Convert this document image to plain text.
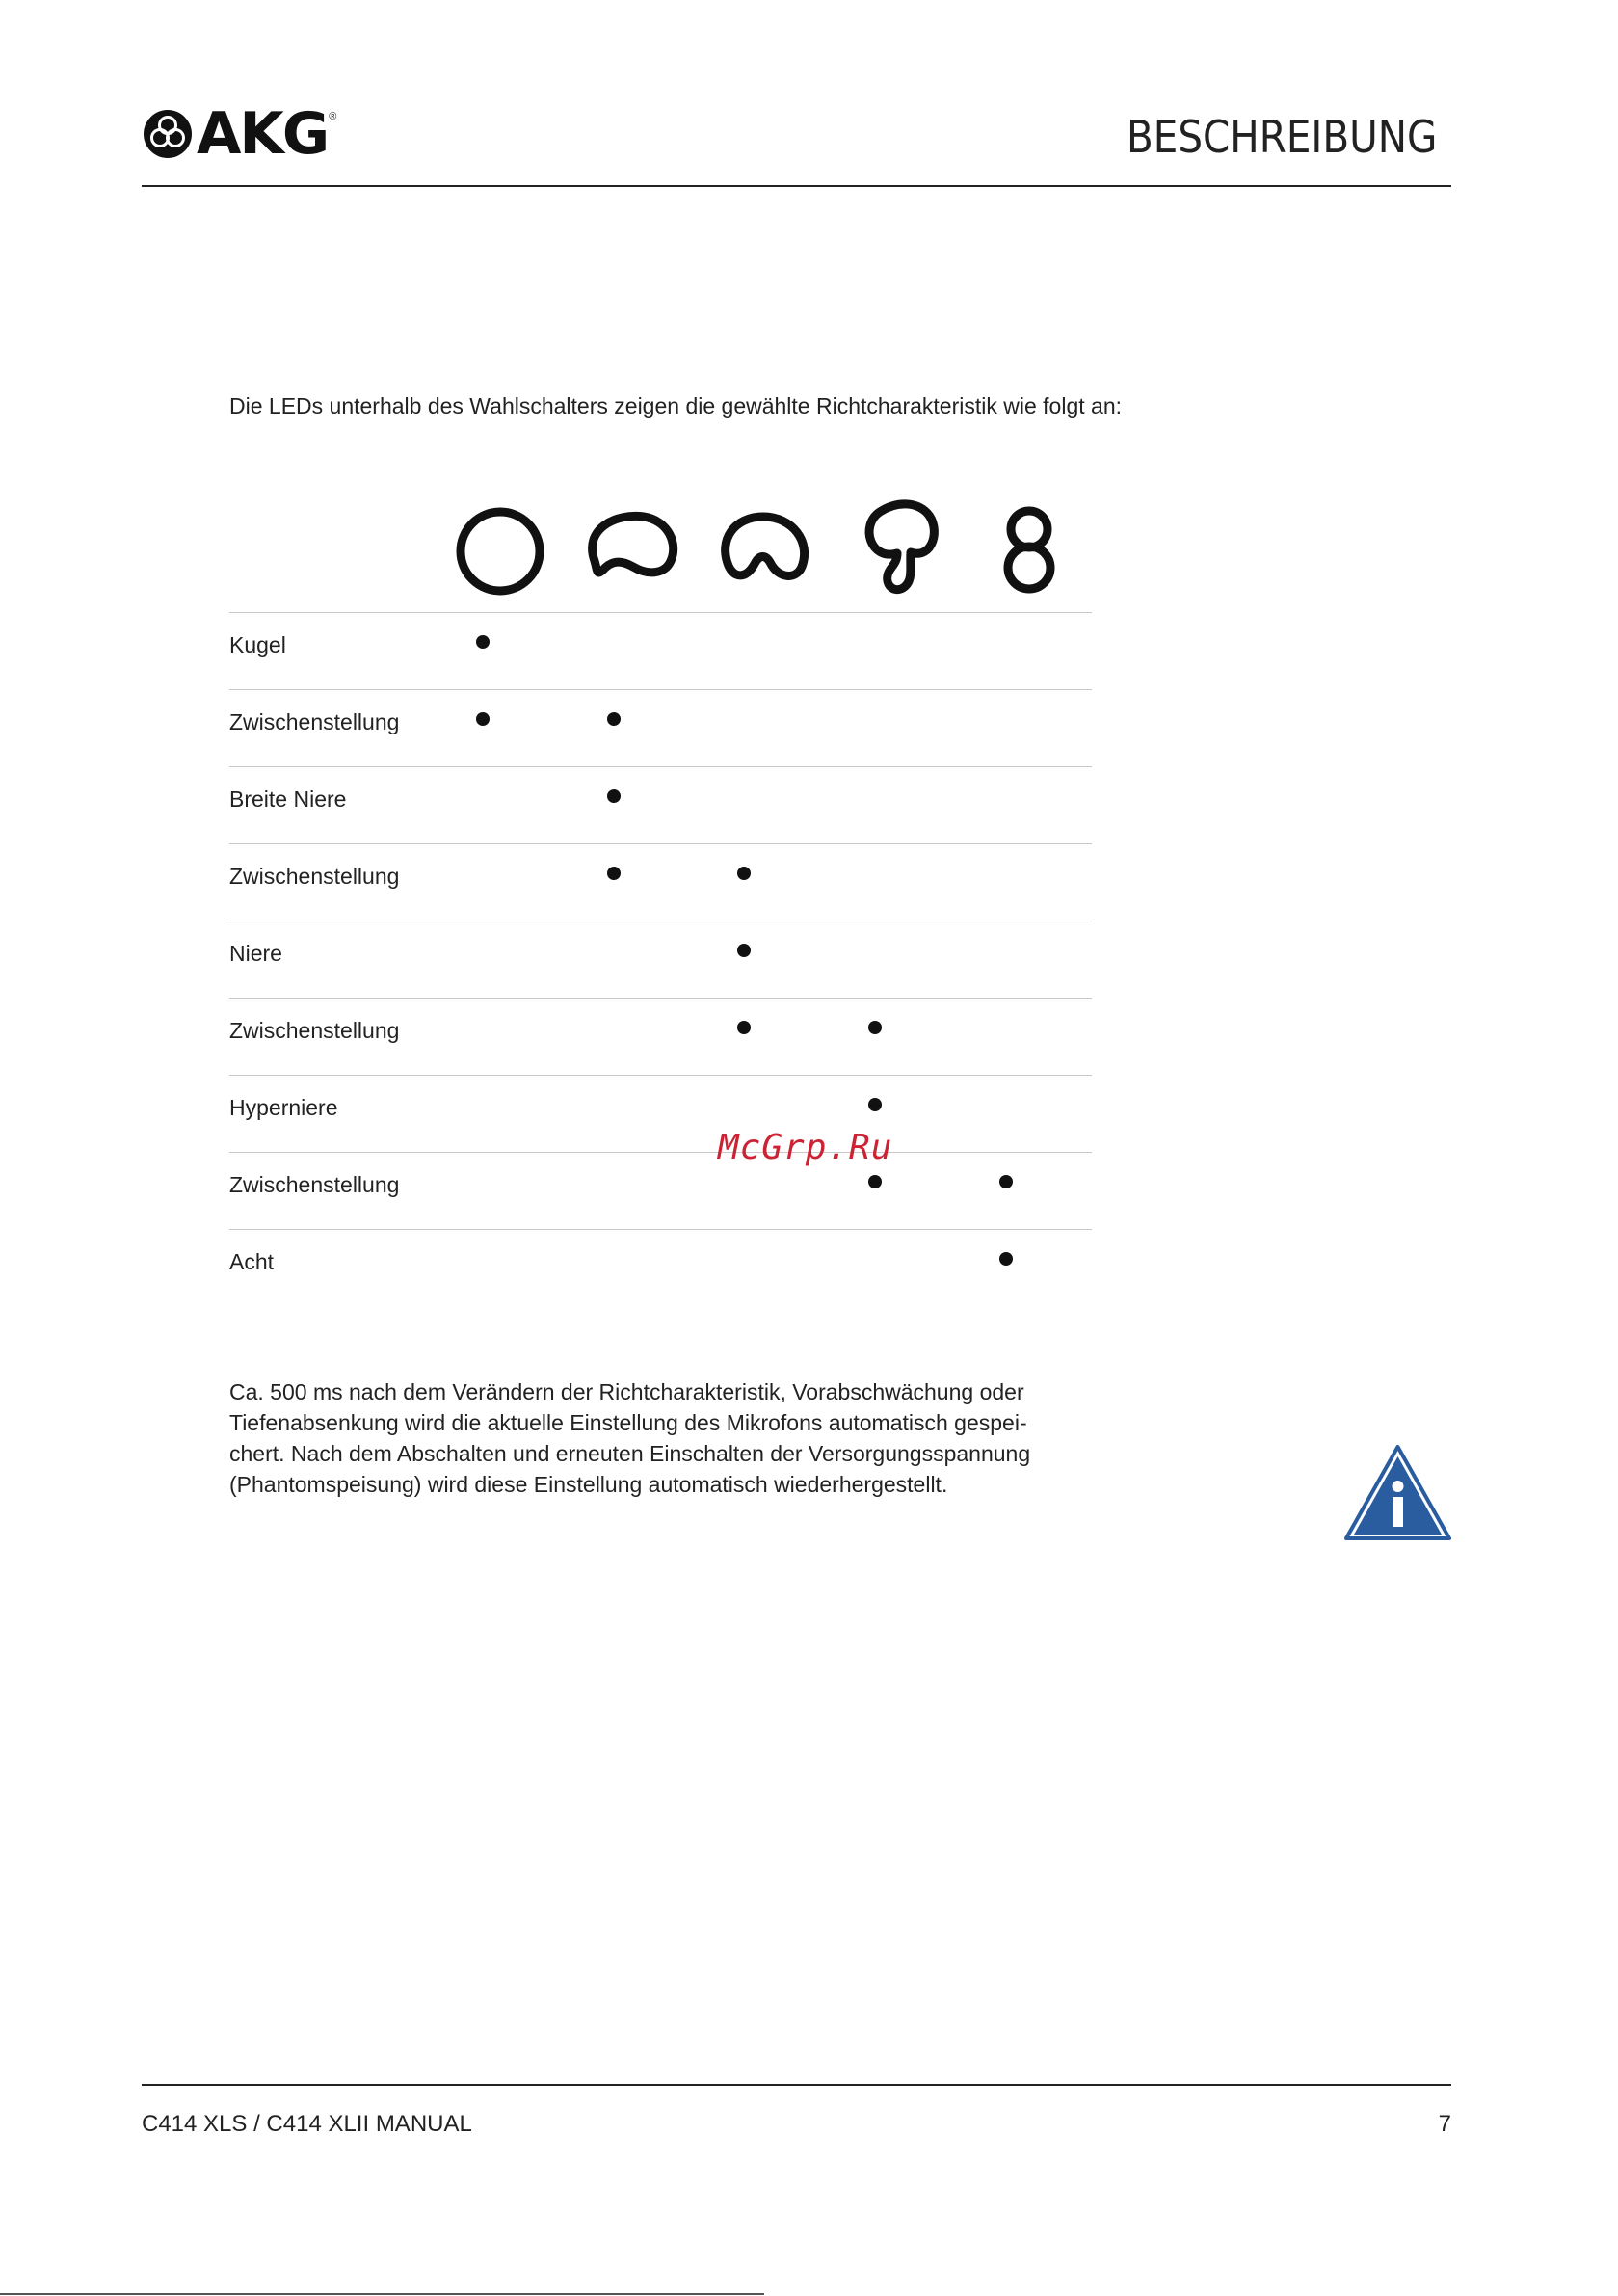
AKG ®	BESCHREIBUNG
Die LEDs unterhalb des Wahlschalters zeigen die gewählte Richtcharakteristik wie folgt an:
Kugel
Zwischenstellung
Breite Niere
Zwischenstellung
Niere
Zwischenstellung
Hyperniere
Zwischenstellung
Acht

Ca. 500 ms nach dem Verändern der Richtcharakteristik, Vorabschwächung oder

Tiefenabsenkung wird die aktuelle Einstellung des Mikrofons automatisch gespei-

chert. Nach dem Abschalten und erneuten Einschalten der Versorgungsspannung

(Phantomspeisung) wird diese Einstellung automatisch wiederhergestellt.

McGrp.Ru
C414 XLS / C414 XLII MANUAL	7
